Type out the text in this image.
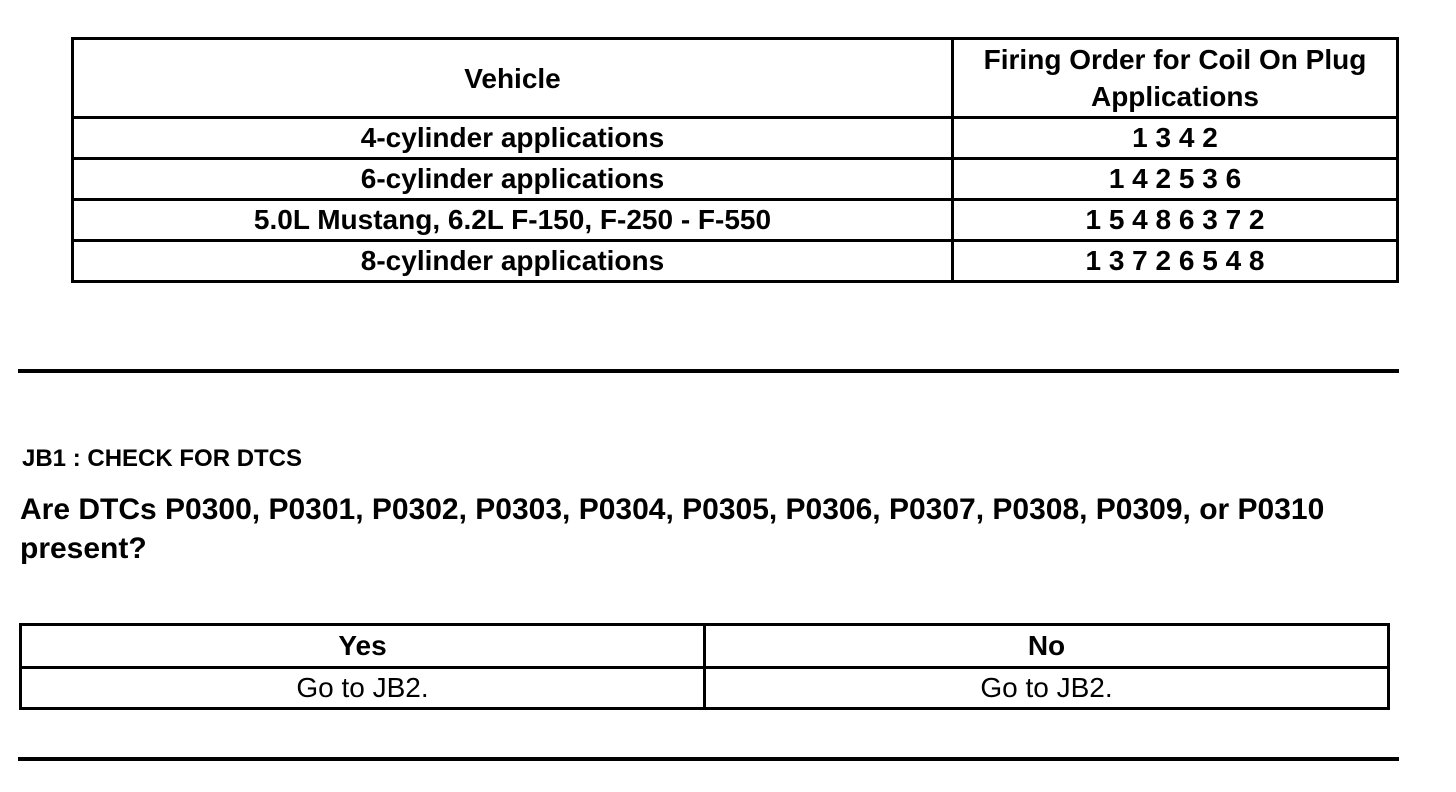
Vehicle	Firing Order for Coil On Plug Applications
4-cylinder applications	1 3 4 2
6-cylinder applications	1 4 2 5 3 6
5.0L Mustang, 6.2L F-150, F-250 - F-550	1 5 4 8 6 3 7 2
8-cylinder applications	1 3 7 2 6 5 4 8
JB1 : CHECK FOR DTCS
Are DTCs P0300, P0301, P0302, P0303, P0304, P0305, P0306, P0307, P0308, P0309, or P0310 present?
Yes	No
Go to JB2.	Go to JB2.
